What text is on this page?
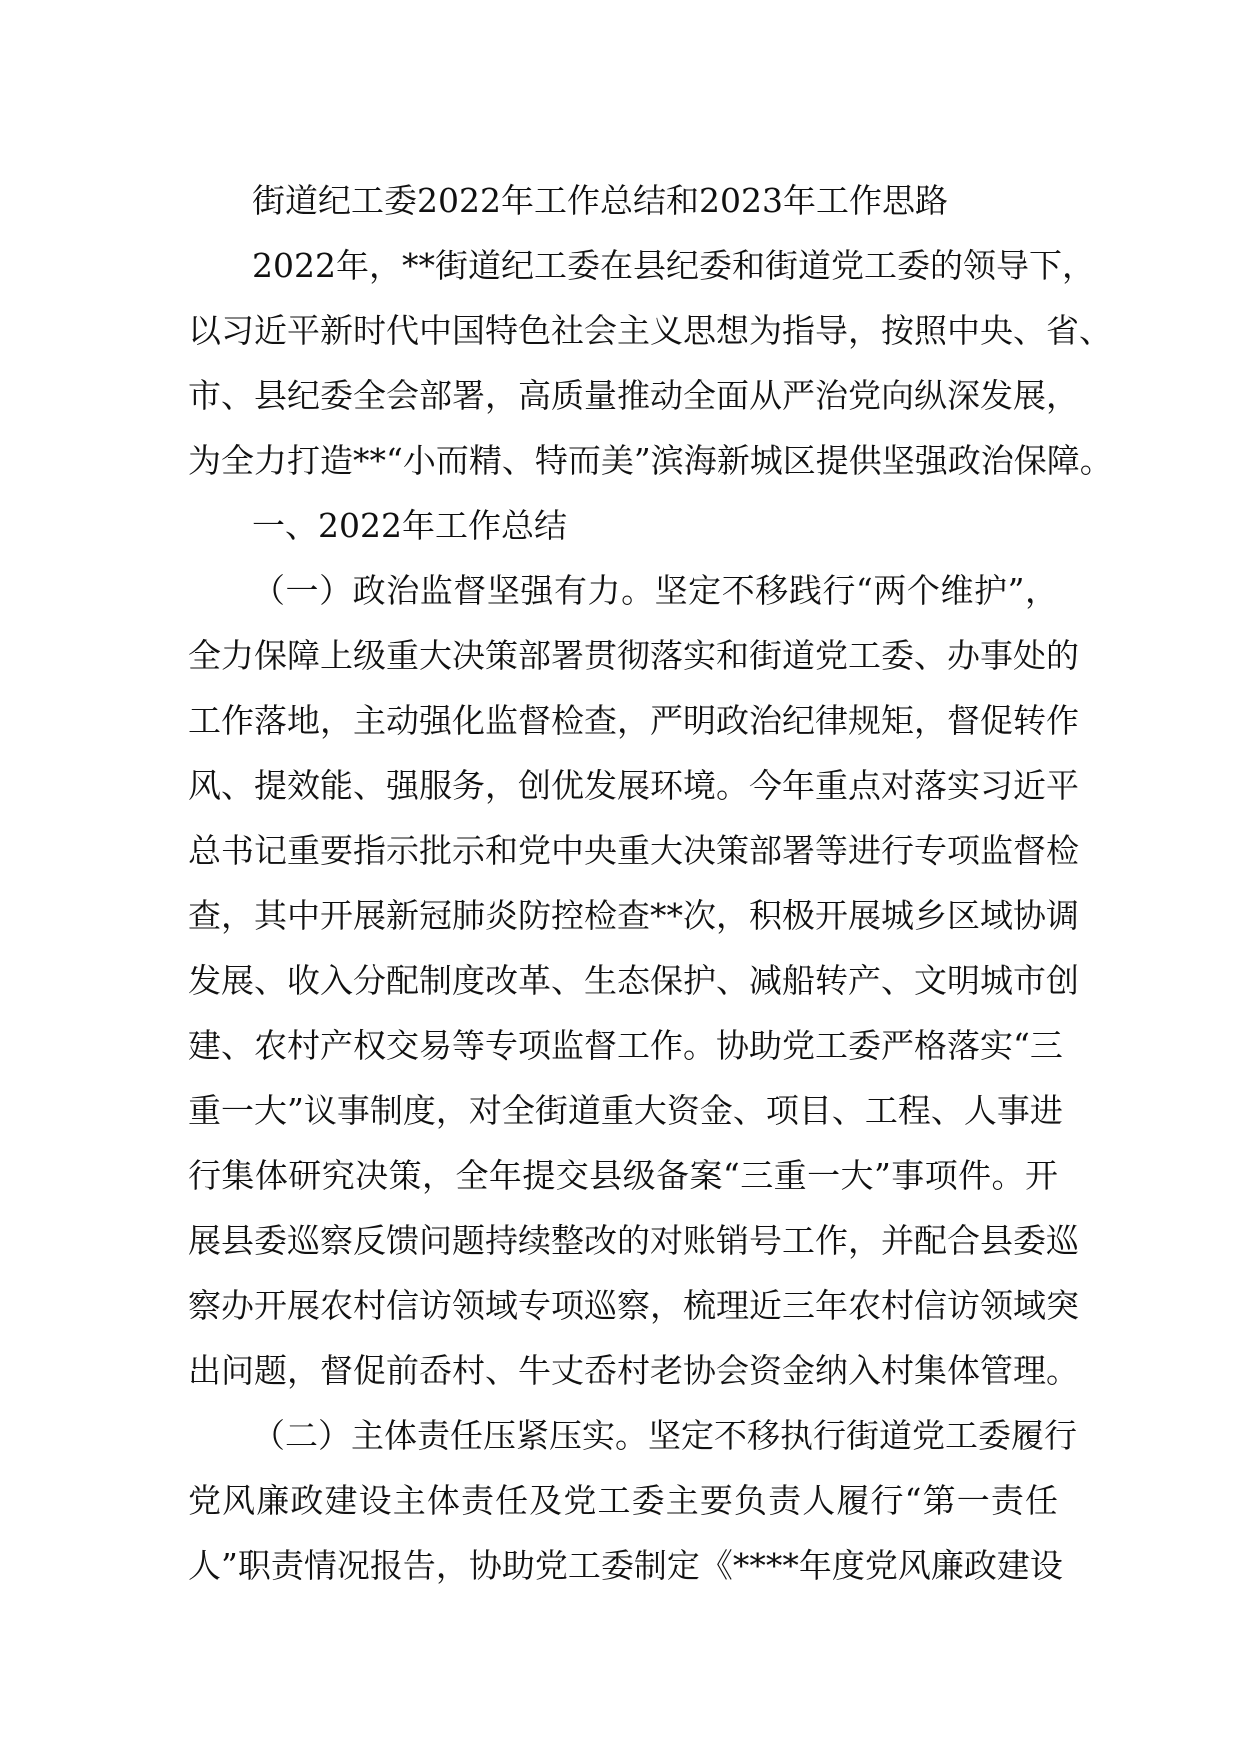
街道纪工委2022年工作总结和2023年工作思路
2022年，**街道纪工委在县纪委和街道党工委的领导下，
以习近平新时代中国特色社会主义思想为指导，按照中央、省、
市、县纪委全会部署，高质量推动全面从严治党向纵深发展，
为全力打造**“小而精、特而美”滨海新城区提供坚强政治保障。
一、2022年工作总结
（一）政治监督坚强有力。坚定不移践行“两个维护”，
全力保障上级重大决策部署贯彻落实和街道党工委、办事处的
工作落地，主动强化监督检查，严明政治纪律规矩，督促转作
风、提效能、强服务，创优发展环境。今年重点对落实习近平
总书记重要指示批示和党中央重大决策部署等进行专项监督检
查，其中开展新冠肺炎防控检查**次，积极开展城乡区域协调
发展、收入分配制度改革、生态保护、减船转产、文明城市创
建、农村产权交易等专项监督工作。协助党工委严格落实“三
重一大”议事制度，对全街道重大资金、项目、工程、人事进
行集体研究决策，全年提交县级备案“三重一大”事项件。开
展县委巡察反馈问题持续整改的对账销号工作，并配合县委巡
察办开展农村信访领域专项巡察，梳理近三年农村信访领域突
出问题，督促前岙村、牛丈岙村老协会资金纳入村集体管理。
（二）主体责任压紧压实。坚定不移执行街道党工委履行
党风廉政建设主体责任及党工委主要负责人履行“第一责任
人”职责情况报告，协助党工委制定《****年度党风廉政建设
